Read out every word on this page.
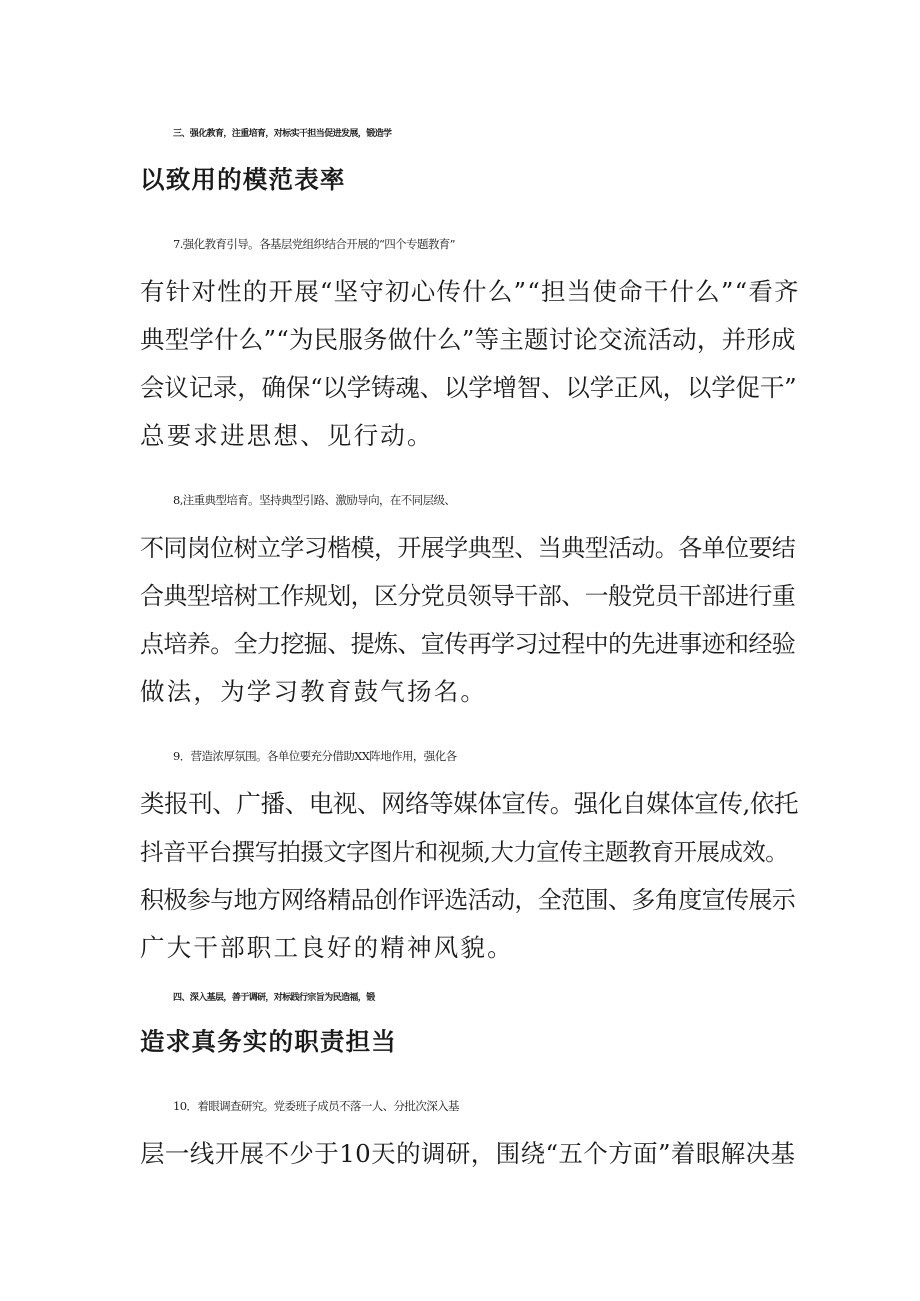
三、强化教育，注重培育，对标实干担当促进发展，锻造学
以致用的模范表率
7.强化教育引导。各基层党组织结合开展的“四个专题教育”
有针对性的开展“坚守初心传什么”“担当使命干什么”“看齐
典型学什么”“为民服务做什么”等主题讨论交流活动，并形成
会议记录，确保“以学铸魂、以学增智、以学正风，以学促干”
总要求进思想、见行动。
8,注重典型培育。坚持典型引路、激励导向，在不同层级、
不同岗位树立学习楷模，开展学典型、当典型活动。各单位要结
合典型培树工作规划，区分党员领导干部、一般党员干部进行重
点培养。全力挖掘、提炼、宣传再学习过程中的先进事迹和经验
做法，为学习教育鼓气扬名。
9．营造浓厚氛围。各单位要充分借助XX阵地作用，强化各
类报刊、广播、电视、网络等媒体宣传。强化自媒体宣传,依托
抖音平台撰写拍摄文字图片和视频,大力宣传主题教育开展成效。
积极参与地方网络精品创作评选活动，全范围、多角度宣传展示
广大干部职工良好的精神风貌。
四、深入基层，善于调研，对标践行宗旨为民造福，锻
造求真务实的职责担当
10．着眼调查研究。党委班子成员不落一人、分批次深入基
层一线开展不少于10天的调研，围绕“五个方面”着眼解决基
